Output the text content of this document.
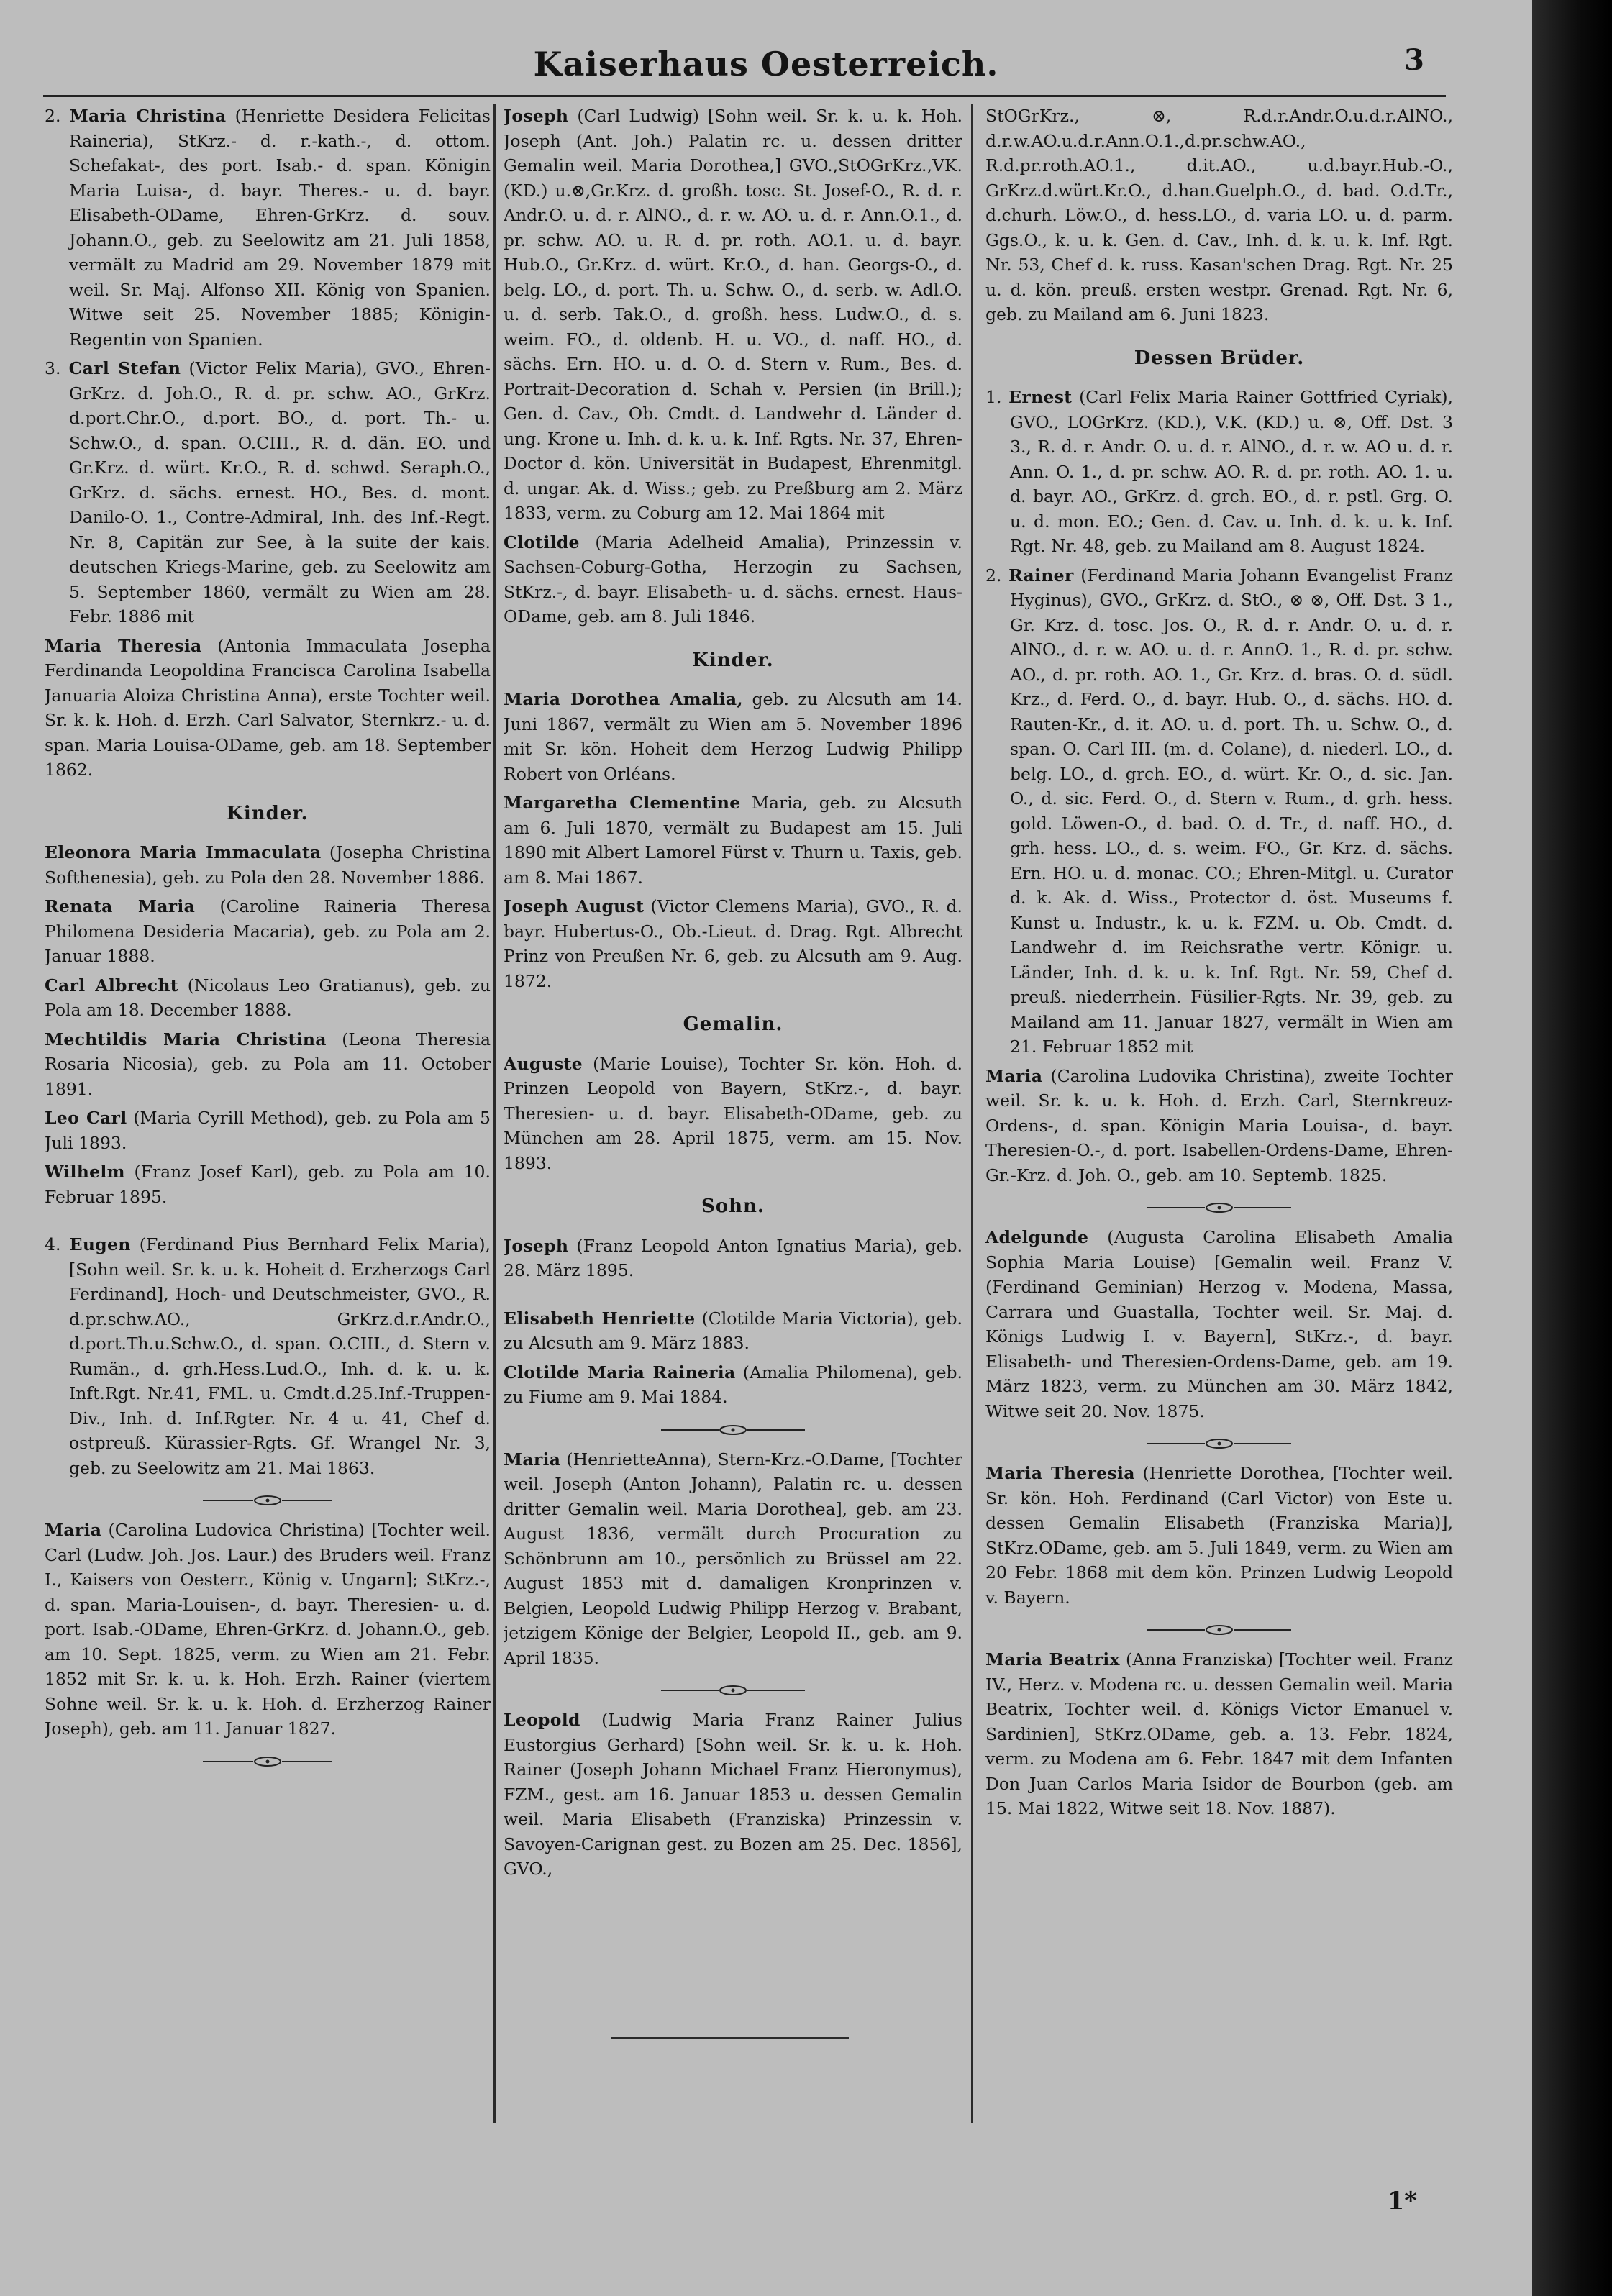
Kaiserhaus Oesterreich.	3

2. Maria Christina (Henriette Desidera Felicitas Raineria), StKrz.- d. r.-kath.-, d. ottom. Schefakat-, des port. Isab.- d. span. Königin Maria Luisa-, d. bayr. Theres.- u. d. bayr. Elisabeth-ODame, Ehren-GrKrz. d. souv. Johann.O., geb. zu Seelowitz am 21. Juli 1858, vermält zu Madrid am 29. November 1879 mit weil. Sr. Maj. Alfonso XII. König von Spanien. Witwe seit 25. November 1885; Königin-Regentin von Spanien.

3. Carl Stefan (Victor Felix Maria), GVO., Ehren-GrKrz. d. Joh.O., R. d. pr. schw. AO., GrKrz. d.port.Chr.O., d.port. BO., d. port. Th.- u. Schw.O., d. span. O.CIII., R. d. dän. EO. und Gr.Krz. d. würt. Kr.O., R. d. schwd. Seraph.O., GrKrz. d. sächs. ernest. HO., Bes. d. mont. Danilo-O. 1., Contre-Admiral, Inh. des Inf.-Regt. Nr. 8, Capitän zur See, à la suite der kais. deutschen Kriegs-Marine, geb. zu Seelowitz am 5. September 1860, vermält zu Wien am 28. Febr. 1886 mit

Maria Theresia (Antonia Immaculata Josepha Ferdinanda Leopoldina Francisca Carolina Isabella Januaria Aloiza Christina Anna), erste Tochter weil. Sr. k. k. Hoh. d. Erzh. Carl Salvator, Sternkrz.- u. d. span. Maria Louisa-ODame, geb. am 18. September 1862.

Kinder.

Eleonora Maria Immaculata (Josepha Christina Softhenesia), geb. zu Pola den 28. November 1886.

Renata Maria (Caroline Raineria Theresa Philomena Desideria Macaria), geb. zu Pola am 2. Januar 1888.

Carl Albrecht (Nicolaus Leo Gratianus), geb. zu Pola am 18. December 1888.

Mechtildis Maria Christina (Leona Theresia Rosaria Nicosia), geb. zu Pola am 11. October 1891.

Leo Carl (Maria Cyrill Method), geb. zu Pola am 5 Juli 1893.

Wilhelm (Franz Josef Karl), geb. zu Pola am 10. Februar 1895.

4. Eugen (Ferdinand Pius Bernhard Felix Maria), [Sohn weil. Sr. k. u. k. Hoheit d. Erzherzogs Carl Ferdinand], Hoch- und Deutschmeister, GVO., R. d.pr.schw.AO., GrKrz.d.r.Andr.O., d.port.Th.u.Schw.O., d. span. O.CIII., d. Stern v. Rumän., d. grh.Hess.Lud.O., Inh. d. k. u. k. Inft.Rgt. Nr.41, FML. u. Cmdt.d.25.Inf.-Truppen-Div., Inh. d. Inf.Rgter. Nr. 4 u. 41, Chef d. ostpreuß. Kürassier-Rgts. Gf. Wrangel Nr. 3, geb. zu Seelowitz am 21. Mai 1863.

Maria (Carolina Ludovica Christina) [Tochter weil. Carl (Ludw. Joh. Jos. Laur.) des Bruders weil. Franz I., Kaisers von Oesterr., König v. Ungarn]; StKrz.-, d. span. Maria-Louisen-, d. bayr. Theresien- u. d. port. Isab.-ODame, Ehren-GrKrz. d. Johann.O., geb. am 10. Sept. 1825, verm. zu Wien am 21. Febr. 1852 mit Sr. k. u. k. Hoh. Erzh. Rainer (viertem Sohne weil. Sr. k. u. k. Hoh. d. Erzherzog Rainer Joseph), geb. am 11. Januar 1827.

Joseph (Carl Ludwig) [Sohn weil. Sr. k. u. k. Hoh. Joseph (Ant. Joh.) Palatin rc. u. dessen dritter Gemalin weil. Maria Dorothea,] GVO.,StOGrKrz.,VK.(KD.) u.⊗,Gr.Krz. d. großh. tosc. St. Josef-O., R. d. r. Andr.O. u. d. r. AlNO., d. r. w. AO. u. d. r. Ann.O.1., d. pr. schw. AO. u. R. d. pr. roth. AO.1. u. d. bayr. Hub.O., Gr.Krz. d. würt. Kr.O., d. han. Georgs-O., d. belg. LO., d. port. Th. u. Schw. O., d. serb. w. Adl.O. u. d. serb. Tak.O., d. großh. hess. Ludw.O., d. s. weim. FO., d. oldenb. H. u. VO., d. naff. HO., d. sächs. Ern. HO. u. d. O. d. Stern v. Rum., Bes. d. Portrait-Decoration d. Schah v. Persien (in Brill.); Gen. d. Cav., Ob. Cmdt. d. Landwehr d. Länder d. ung. Krone u. Inh. d. k. u. k. Inf. Rgts. Nr. 37, Ehren-Doctor d. kön. Universität in Budapest, Ehrenmitgl. d. ungar. Ak. d. Wiss.; geb. zu Preßburg am 2. März 1833, verm. zu Coburg am 12. Mai 1864 mit

Clotilde (Maria Adelheid Amalia), Prinzessin v. Sachsen-Coburg-Gotha, Herzogin zu Sachsen, StKrz.-, d. bayr. Elisabeth- u. d. sächs. ernest. Haus-ODame, geb. am 8. Juli 1846.

Kinder.

Maria Dorothea Amalia, geb. zu Alcsuth am 14. Juni 1867, vermält zu Wien am 5. November 1896 mit Sr. kön. Hoheit dem Herzog Ludwig Philipp Robert von Orléans.

Margaretha Clementine Maria, geb. zu Alcsuth am 6. Juli 1870, vermält zu Budapest am 15. Juli 1890 mit Albert Lamorel Fürst v. Thurn u. Taxis, geb. am 8. Mai 1867.

Joseph August (Victor Clemens Maria), GVO., R. d. bayr. Hubertus-O., Ob.-Lieut. d. Drag. Rgt. Albrecht Prinz von Preußen Nr. 6, geb. zu Alcsuth am 9. Aug. 1872.

Gemalin.

Auguste (Marie Louise), Tochter Sr. kön. Hoh. d. Prinzen Leopold von Bayern, StKrz.-, d. bayr. Theresien- u. d. bayr. Elisabeth-ODame, geb. zu München am 28. April 1875, verm. am 15. Nov. 1893.

Sohn.

Joseph (Franz Leopold Anton Ignatius Maria), geb. 28. März 1895.

Elisabeth Henriette (Clotilde Maria Victoria), geb. zu Alcsuth am 9. März 1883.

Clotilde Maria Raineria (Amalia Philomena), geb. zu Fiume am 9. Mai 1884.

Maria (HenrietteAnna), Stern-Krz.-O.Dame, [Tochter weil. Joseph (Anton Johann), Palatin rc. u. dessen dritter Gemalin weil. Maria Dorothea], geb. am 23. August 1836, vermält durch Procuration zu Schönbrunn am 10., persönlich zu Brüssel am 22. August 1853 mit d. damaligen Kronprinzen v. Belgien, Leopold Ludwig Philipp Herzog v. Brabant, jetzigem Könige der Belgier, Leopold II., geb. am 9. April 1835.

Leopold (Ludwig Maria Franz Rainer Julius Eustorgius Gerhard) [Sohn weil. Sr. k. u. k. Hoh. Rainer (Joseph Johann Michael Franz Hieronymus), FZM., gest. am 16. Januar 1853 u. dessen Gemalin weil. Maria Elisabeth (Franziska) Prinzessin v. Savoyen-Carignan gest. zu Bozen am 25. Dec. 1856], GVO.,

StOGrKrz., ⊗, R.d.r.Andr.O.u.d.r.AlNO., d.r.w.AO.u.d.r.Ann.O.1.,d.pr.schw.AO., R.d.pr.roth.AO.1., d.it.AO., u.d.bayr.Hub.-O., GrKrz.d.würt.Kr.O., d.han.Guelph.O., d. bad. O.d.Tr., d.churh. Löw.O., d. hess.LO., d. varia LO. u. d. parm. Ggs.O., k. u. k. Gen. d. Cav., Inh. d. k. u. k. Inf. Rgt. Nr. 53, Chef d. k. russ. Kasan'schen Drag. Rgt. Nr. 25 u. d. kön. preuß. ersten westpr. Grenad. Rgt. Nr. 6, geb. zu Mailand am 6. Juni 1823.

Dessen Brüder.

1. Ernest (Carl Felix Maria Rainer Gottfried Cyriak), GVO., LOGrKrz. (KD.), V.K. (KD.) u. ⊗, Off. Dst. 3 3., R. d. r. Andr. O. u. d. r. AlNO., d. r. w. AO u. d. r. Ann. O. 1., d. pr. schw. AO. R. d. pr. roth. AO. 1. u. d. bayr. AO., GrKrz. d. grch. EO., d. r. pstl. Grg. O. u. d. mon. EO.; Gen. d. Cav. u. Inh. d. k. u. k. Inf. Rgt. Nr. 48, geb. zu Mailand am 8. August 1824.

2. Rainer (Ferdinand Maria Johann Evangelist Franz Hyginus), GVO., GrKrz. d. StO., ⊗ ⊗, Off. Dst. 3 1., Gr. Krz. d. tosc. Jos. O., R. d. r. Andr. O. u. d. r. AlNO., d. r. w. AO. u. d. r. AnnO. 1., R. d. pr. schw. AO., d. pr. roth. AO. 1., Gr. Krz. d. bras. O. d. südl. Krz., d. Ferd. O., d. bayr. Hub. O., d. sächs. HO. d. Rauten-Kr., d. it. AO. u. d. port. Th. u. Schw. O., d. span. O. Carl III. (m. d. Colane), d. niederl. LO., d. belg. LO., d. grch. EO., d. würt. Kr. O., d. sic. Jan. O., d. sic. Ferd. O., d. Stern v. Rum., d. grh. hess. gold. Löwen-O., d. bad. O. d. Tr., d. naff. HO., d. grh. hess. LO., d. s. weim. FO., Gr. Krz. d. sächs. Ern. HO. u. d. monac. CO.; Ehren-Mitgl. u. Curator d. k. Ak. d. Wiss., Protector d. öst. Museums f. Kunst u. Industr., k. u. k. FZM. u. Ob. Cmdt. d. Landwehr d. im Reichsrathe vertr. Königr. u. Länder, Inh. d. k. u. k. Inf. Rgt. Nr. 59, Chef d. preuß. niederrhein. Füsilier-Rgts. Nr. 39, geb. zu Mailand am 11. Januar 1827, vermält in Wien am 21. Februar 1852 mit

Maria (Carolina Ludovika Christina), zweite Tochter weil. Sr. k. u. k. Hoh. d. Erzh. Carl, Sternkreuz-Ordens-, d. span. Königin Maria Louisa-, d. bayr. Theresien-O.-, d. port. Isabellen-Ordens-Dame, Ehren-Gr.-Krz. d. Joh. O., geb. am 10. Septemb. 1825.

Adelgunde (Augusta Carolina Elisabeth Amalia Sophia Maria Louise) [Gemalin weil. Franz V. (Ferdinand Geminian) Herzog v. Modena, Massa, Carrara und Guastalla, Tochter weil. Sr. Maj. d. Königs Ludwig I. v. Bayern], StKrz.-, d. bayr. Elisabeth- und Theresien-Ordens-Dame, geb. am 19. März 1823, verm. zu München am 30. März 1842, Witwe seit 20. Nov. 1875.

Maria Theresia (Henriette Dorothea, [Tochter weil. Sr. kön. Hoh. Ferdinand (Carl Victor) von Este u. dessen Gemalin Elisabeth (Franziska Maria)], StKrz.ODame, geb. am 5. Juli 1849, verm. zu Wien am 20 Febr. 1868 mit dem kön. Prinzen Ludwig Leopold v. Bayern.

Maria Beatrix (Anna Franziska) [Tochter weil. Franz IV., Herz. v. Modena rc. u. dessen Gemalin weil. Maria Beatrix, Tochter weil. d. Königs Victor Emanuel v. Sardinien], StKrz.ODame, geb. a. 13. Febr. 1824, verm. zu Modena am 6. Febr. 1847 mit dem Infanten Don Juan Carlos Maria Isidor de Bourbon (geb. am 15. Mai 1822, Witwe seit 18. Nov. 1887).

1*
